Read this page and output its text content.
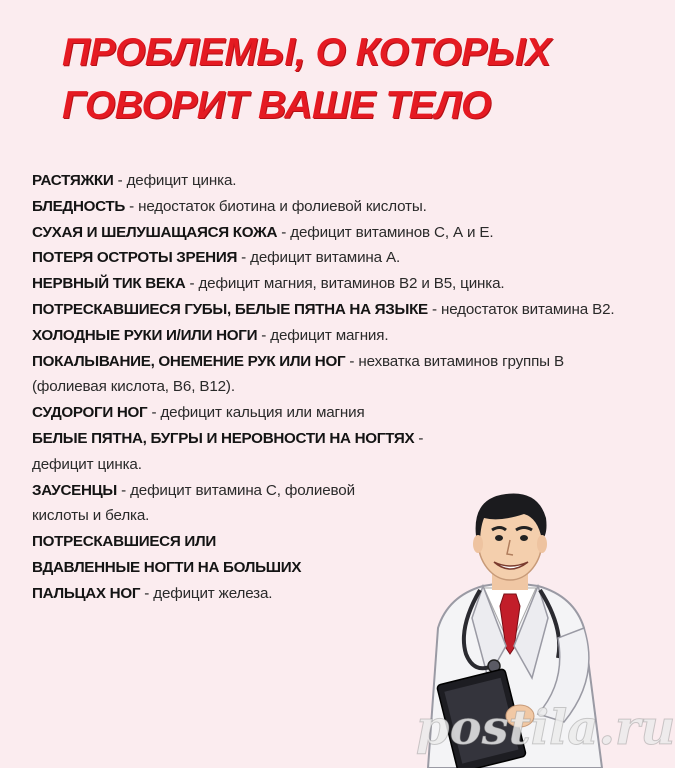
ПРОБЛЕМЫ, О КОТОРЫХ
ГОВОРИТ ВАШЕ ТЕЛО
РАСТЯЖКИ - дефицит цинка.
БЛЕДНОСТЬ - недостаток биотина и фолиевой кислоты.
СУХАЯ И ШЕЛУШАЩАЯСЯ КОЖА - дефицит витаминов С, А и Е.
ПОТЕРЯ ОСТРОТЫ ЗРЕНИЯ - дефицит витамина А.
НЕРВНЫЙ ТИК ВЕКА - дефицит магния, витаминов В2 и В5, цинка.
ПОТРЕСКАВШИЕСЯ ГУБЫ, БЕЛЫЕ ПЯТНА НА ЯЗЫКЕ - недостаток витамина В2.
ХОЛОДНЫЕ РУКИ И/ИЛИ НОГИ - дефицит магния.
ПОКАЛЫВАНИЕ, ОНЕМЕНИЕ РУК ИЛИ НОГ - нехватка витаминов группы В (фолиевая кислота, В6, В12).
СУДОРОГИ НОГ - дефицит кальция или магния
БЕЛЫЕ ПЯТНА, БУГРЫ И НЕРОВНОСТИ НА НОГТЯХ - дефицит цинка.
ЗАУСЕНЦЫ - дефицит витамина С, фолиевой кислоты и белка.
ПОТРЕСКАВШИЕСЯ ИЛИ ВДАВЛЕННЫЕ НОГТИ НА БОЛЬШИХ ПАЛЬЦАХ НОГ - дефицит железа.
postila.ru
